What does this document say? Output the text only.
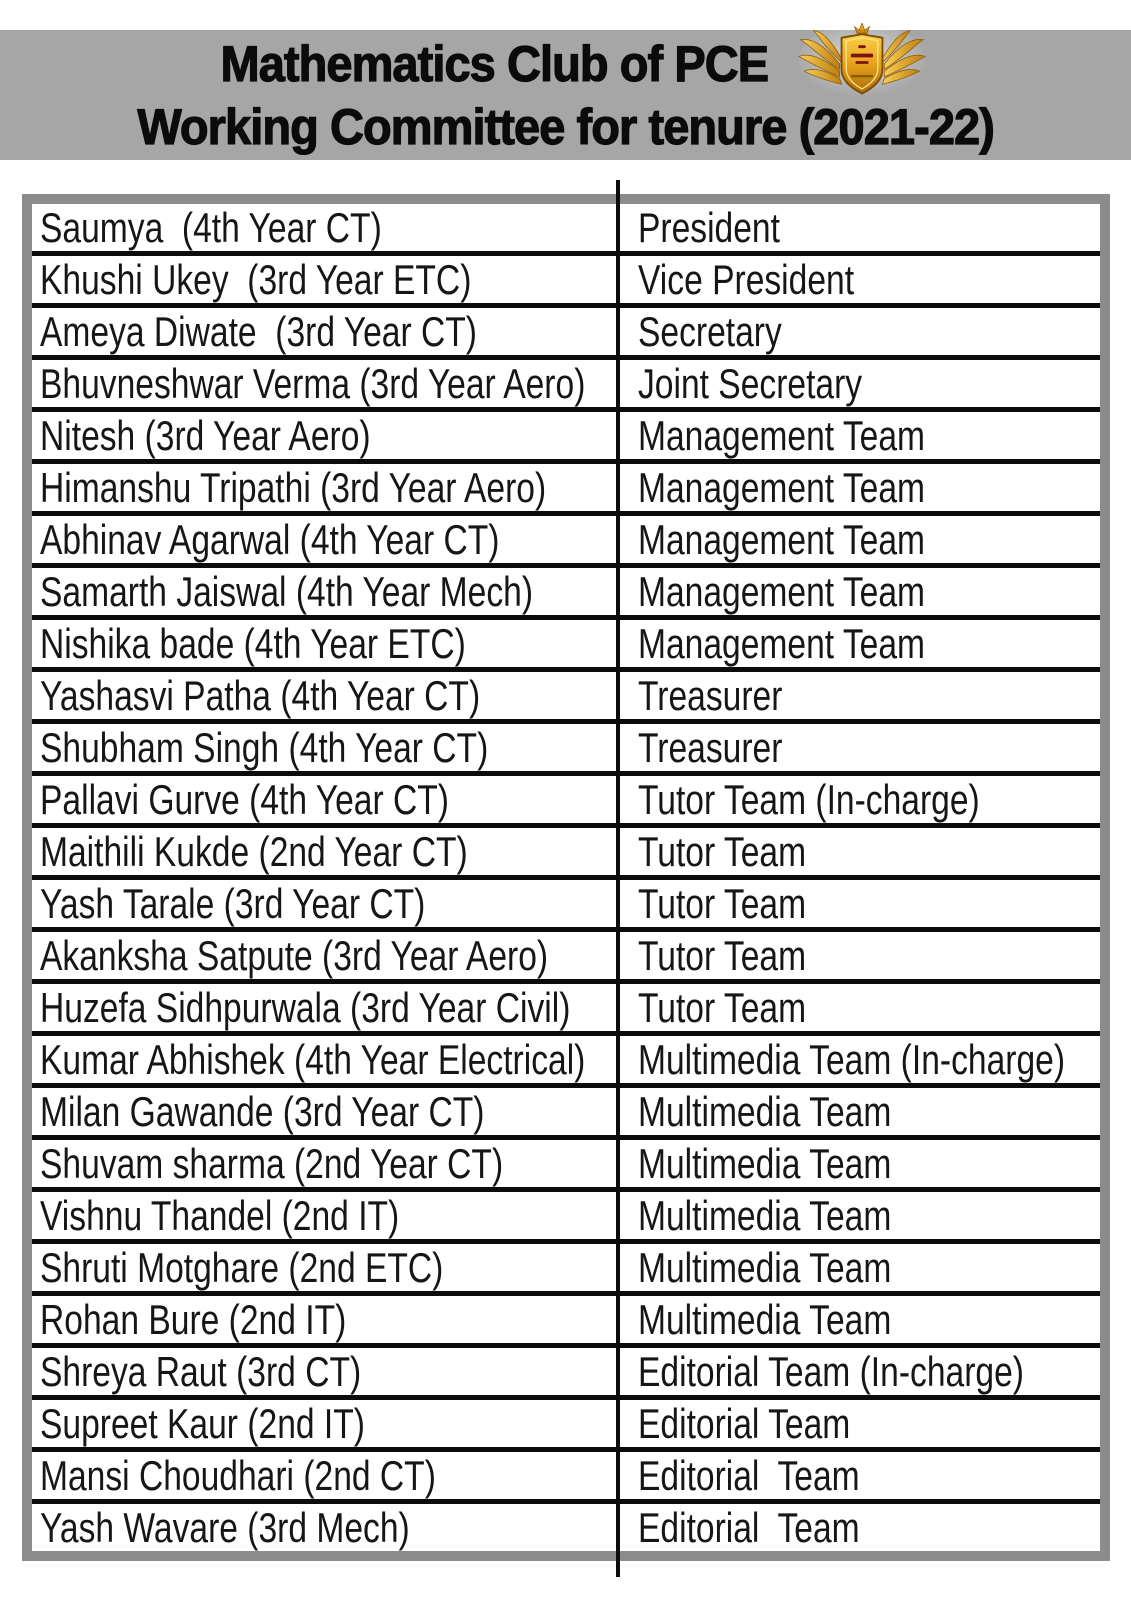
Mathematics Club of PCE
Working Committee for tenure (2021-22)
Saumya  (4th Year CT)	President
Khushi Ukey  (3rd Year ETC)	Vice President
Ameya Diwate  (3rd Year CT)	Secretary
Bhuvneshwar Verma (3rd Year Aero) Joint Secretary
Nitesh (3rd Year Aero)	Management Team
Himanshu Tripathi (3rd Year Aero) Management Team
Abhinav Agarwal (4th Year CT)	Management Team
Samarth Jaiswal (4th Year Mech) Management Team
Nishika bade (4th Year ETC)	Management Team
Yashasvi Patha (4th Year CT)	Treasurer
Shubham Singh (4th Year CT)	Treasurer
Pallavi Gurve (4th Year CT)	Tutor Team (In-charge)
Maithili Kukde (2nd Year CT)	Tutor Team
Yash Tarale (3rd Year CT)	Tutor Team
Akanksha Satpute (3rd Year Aero) Tutor Team
Huzefa Sidhpurwala (3rd Year Civil) Tutor Team
Kumar Abhishek (4th Year Electrical) Multimedia Team (In-charge)
Milan Gawande (3rd Year CT)	Multimedia Team
Shuvam sharma (2nd Year CT)	Multimedia Team
Vishnu Thandel (2nd IT)	Multimedia Team
Shruti Motghare (2nd ETC)	Multimedia Team
Rohan Bure (2nd IT)	Multimedia Team
Shreya Raut (3rd CT)	Editorial Team (In-charge)
Supreet Kaur (2nd IT)	Editorial Team
Mansi Choudhari (2nd CT)	Editorial  Team
Yash Wavare (3rd Mech)	Editorial  Team
